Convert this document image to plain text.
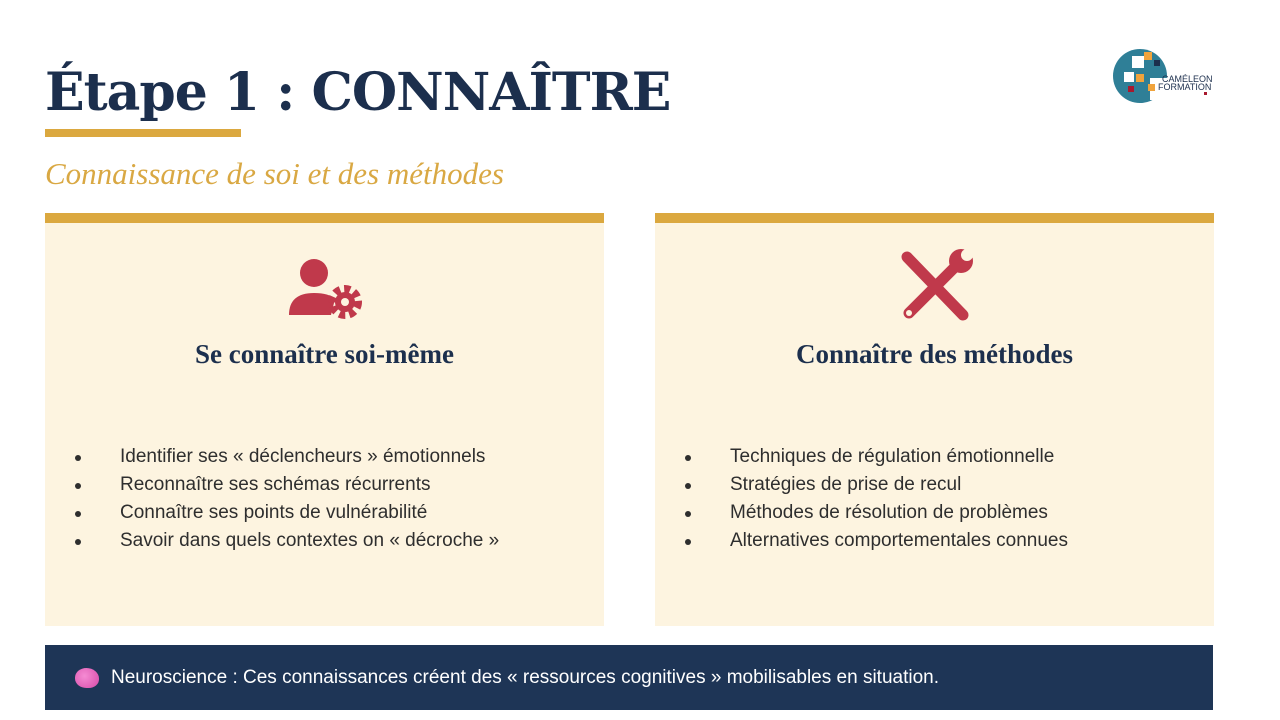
Étape 1 : CONNAÎTRE
Connaissance de soi et des méthodes
CAMÉLEON
FORMATION
Se connaître soi-même
Identifier ses « déclencheurs » émotionnels
Reconnaître ses schémas récurrents
Connaître ses points de vulnérabilité
Savoir dans quels contextes on « décroche »
Connaître des méthodes
Techniques de régulation émotionnelle
Stratégies de prise de recul
Méthodes de résolution de problèmes
Alternatives comportementales connues
Neuroscience : Ces connaissances créent des « ressources cognitives » mobilisables en situation.
